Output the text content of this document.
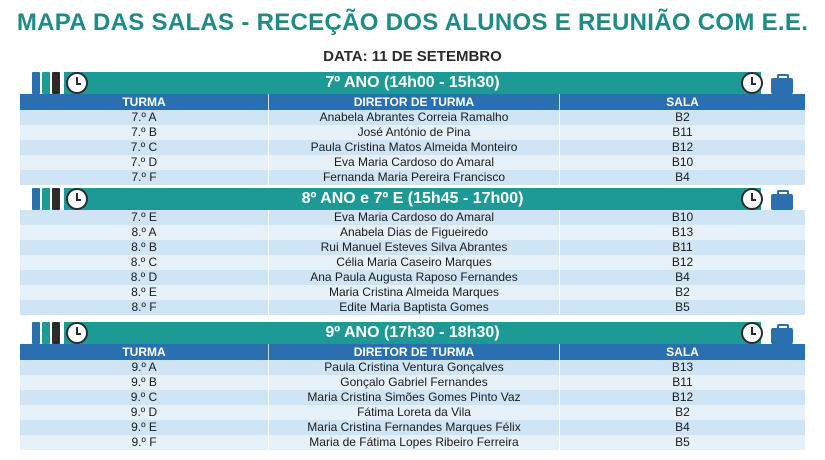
MAPA DAS SALAS - RECEÇÃO DOS ALUNOS E REUNIÃO COM E.E.
DATA: 11 DE SETEMBRO
7º ANO (14h00 - 15h30)
TURMA	DIRETOR DE TURMA	SALA
7.º A	Anabela Abrantes Correia Ramalho	B2
7.º B	José António de Pina	B11
7.º C	Paula Cristina Matos Almeida Monteiro	B12
7.º D	Eva Maria Cardoso do Amaral	B10
7.º F	Fernanda Maria Pereira Francisco	B4
8º ANO e 7º E (15h45 - 17h00)
7.º E	Eva Maria Cardoso do Amaral	B10
8.º A	Anabela Dias de Figueiredo	B13
8.º B	Rui Manuel Esteves Silva Abrantes	B11
8.º C	Célia Maria Caseiro Marques	B12
8.º D	Ana Paula Augusta Raposo Fernandes	B4
8.º E	Maria Cristina Almeida Marques	B2
8.º F	Edite Maria Baptista Gomes	B5
9º ANO (17h30 - 18h30)
TURMA	DIRETOR DE TURMA	SALA
9.º A	Paula Cristina Ventura Gonçalves	B13
9.º B	Gonçalo Gabriel Fernandes	B11
9.º C	Maria Cristina Simões Gomes Pinto Vaz	B12
9.º D	Fátima Loreta da Vila	B2
9.º E	Maria Cristina Fernandes Marques Félix	B4
9.º F	Maria de Fátima Lopes Ribeiro Ferreira	B5
